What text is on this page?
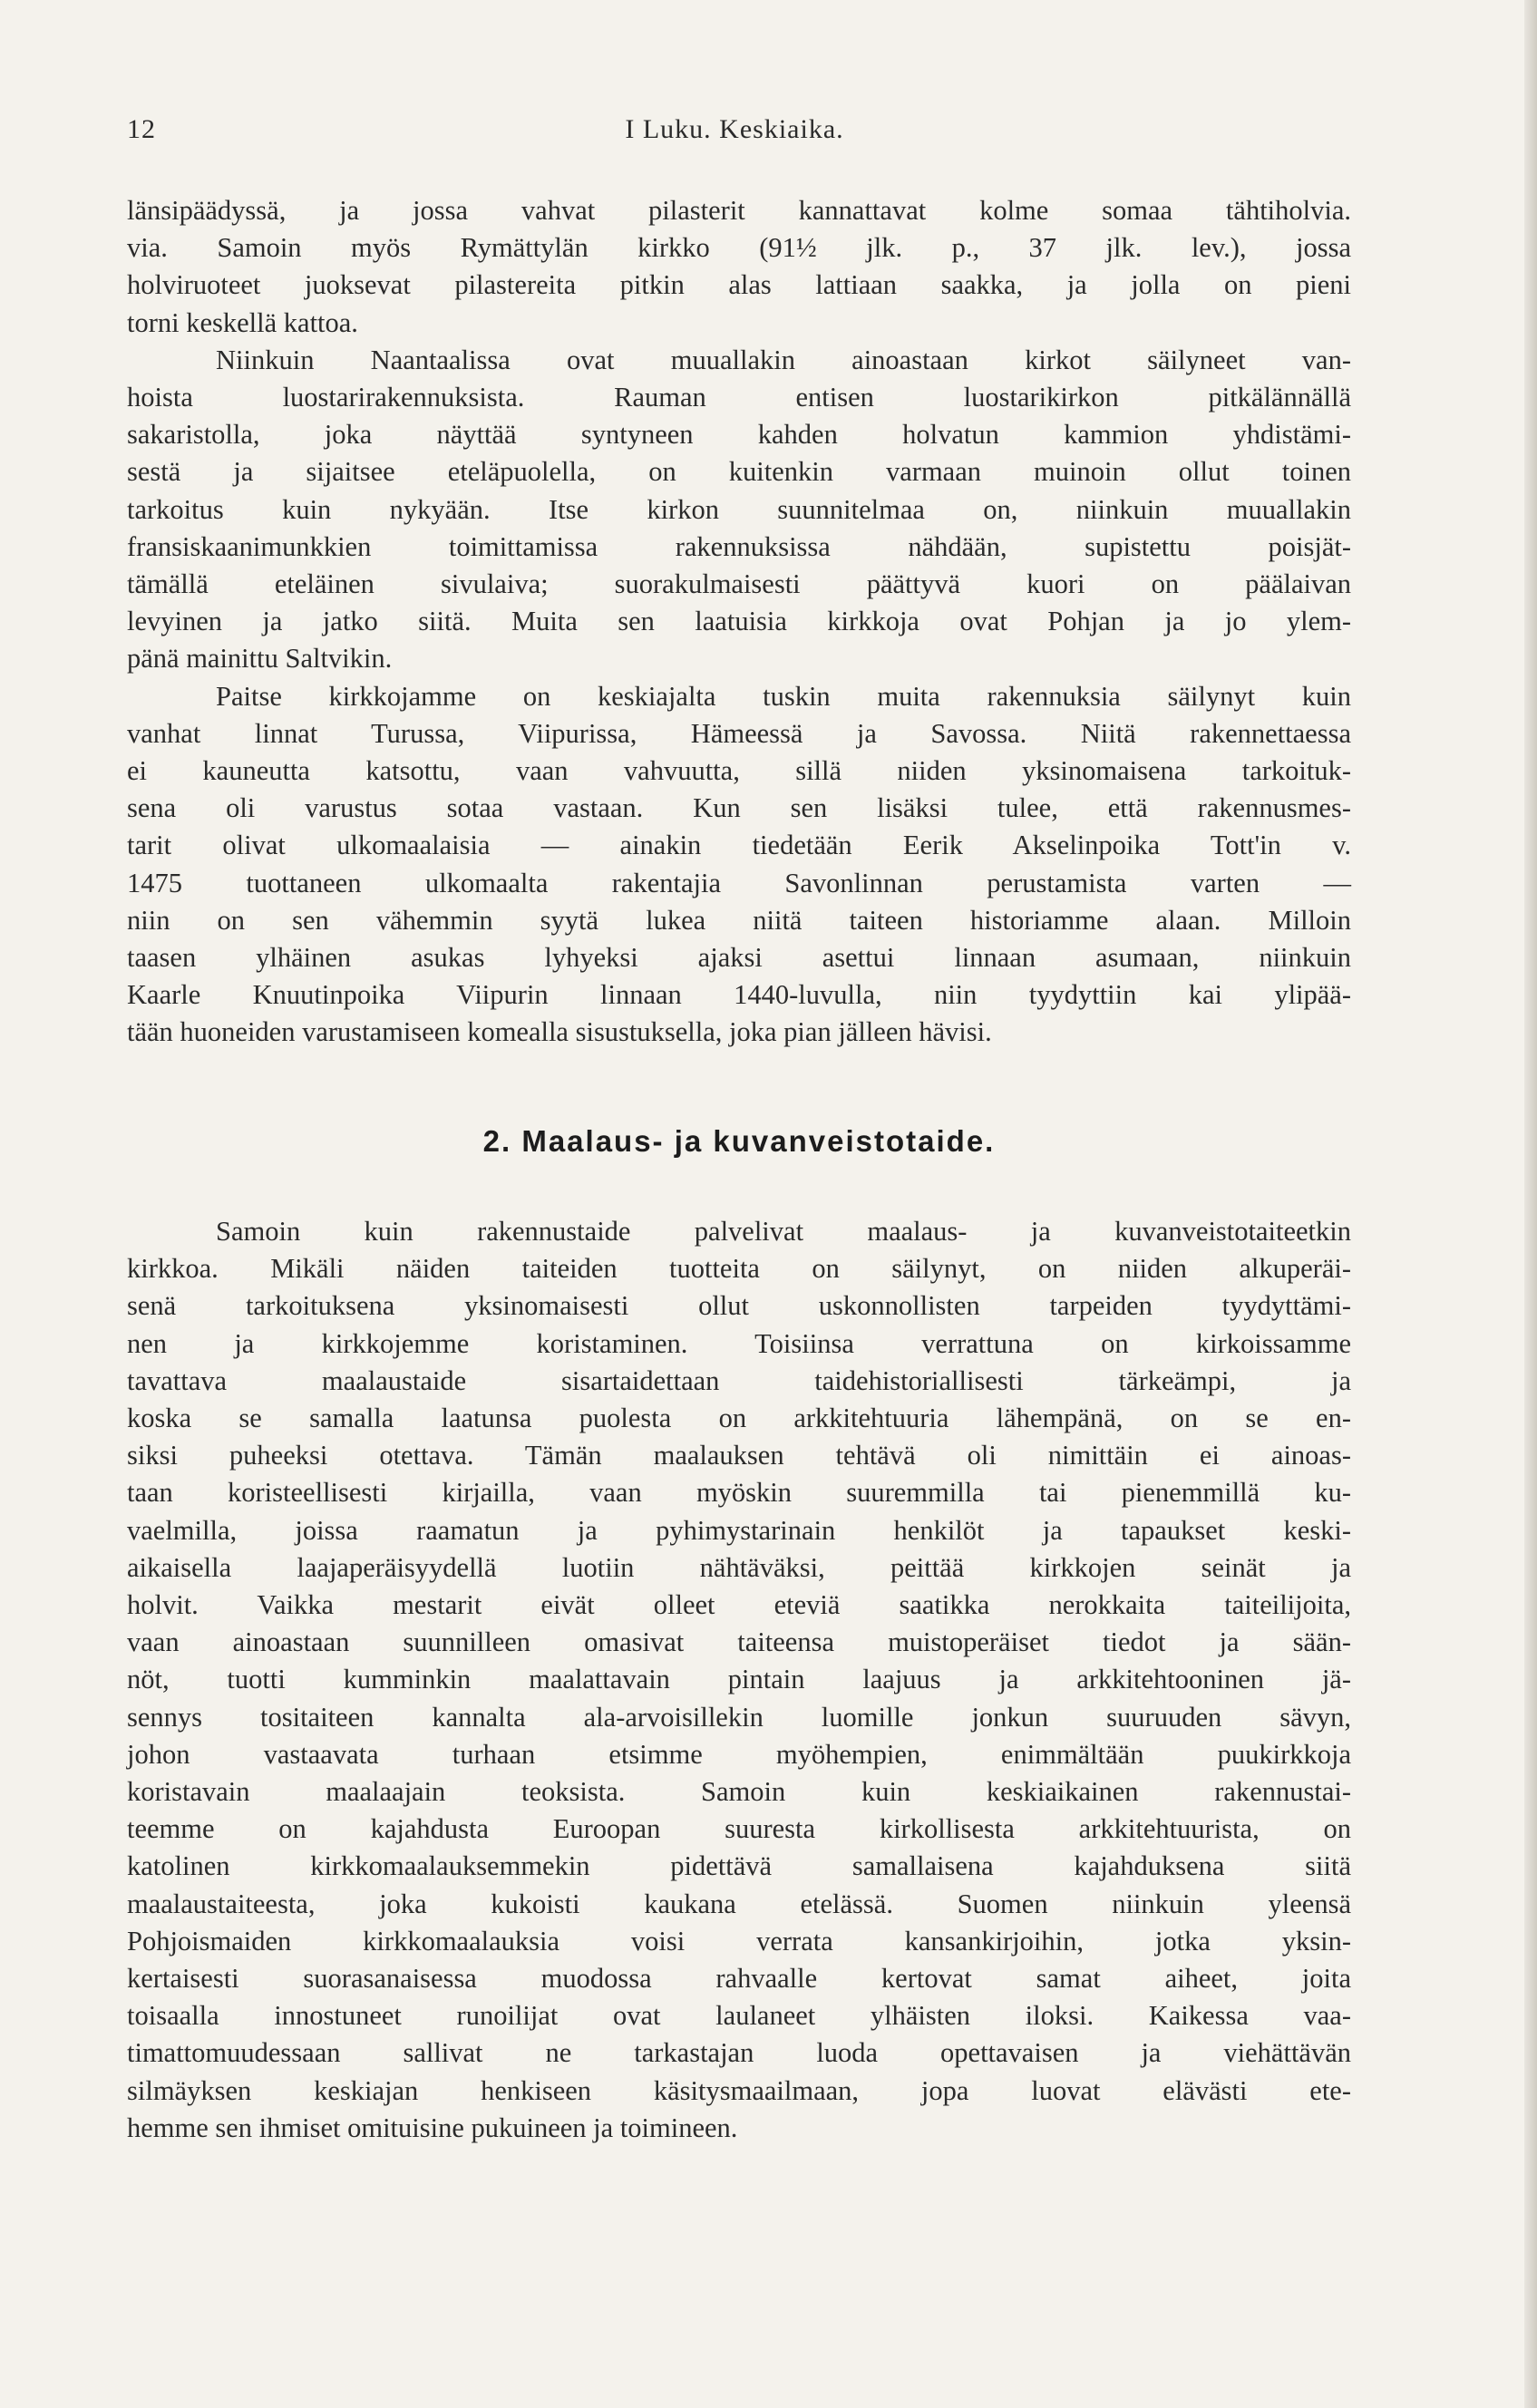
12	I Luku. Keskiaika.
länsipäädyssä, ja jossa vahvat pilasterit kannattavat kolme somaa tähtiholvia.
via. Samoin myös Rymättylän kirkko (91½ jlk. p., 37 jlk. lev.), jossa
holviruoteet juoksevat pilastereita pitkin alas lattiaan saakka, ja jolla on pieni
torni keskellä kattoa.
Niinkuin Naantaalissa ovat muuallakin ainoastaan kirkot säilyneet van-
hoista luostarirakennuksista. Rauman entisen luostarikirkon pitkälännällä
sakaristolla, joka näyttää syntyneen kahden holvatun kammion yhdistämi-
sestä ja sijaitsee eteläpuolella, on kuitenkin varmaan muinoin ollut toinen
tarkoitus kuin nykyään. Itse kirkon suunnitelmaa on, niinkuin muuallakin
fransiskaanimunkkien toimittamissa rakennuksissa nähdään, supistettu poisjät-
tämällä eteläinen sivulaiva; suorakulmaisesti päättyvä kuori on päälaivan
levyinen ja jatko siitä. Muita sen laatuisia kirkkoja ovat Pohjan ja jo ylem-
pänä mainittu Saltvikin.
Paitse kirkkojamme on keskiajalta tuskin muita rakennuksia säilynyt kuin
vanhat linnat Turussa, Viipurissa, Hämeessä ja Savossa. Niitä rakennettaessa
ei kauneutta katsottu, vaan vahvuutta, sillä niiden yksinomaisena tarkoituk-
sena oli varustus sotaa vastaan. Kun sen lisäksi tulee, että rakennusmes-
tarit olivat ulkomaalaisia — ainakin tiedetään Eerik Akselinpoika Tott'in v.
1475 tuottaneen ulkomaalta rakentajia Savonlinnan perustamista varten —
niin on sen vähemmin syytä lukea niitä taiteen historiamme alaan. Milloin
taasen ylhäinen asukas lyhyeksi ajaksi asettui linnaan asumaan, niinkuin
Kaarle Knuutinpoika Viipurin linnaan 1440-luvulla, niin tyydyttiin kai ylipää-
tään huoneiden varustamiseen komealla sisustuksella, joka pian jälleen hävisi.
2. Maalaus- ja kuvanveistotaide.
Samoin kuin rakennustaide palvelivat maalaus- ja kuvanveistotaiteetkin
kirkkoa. Mikäli näiden taiteiden tuotteita on säilynyt, on niiden alkuperäi-
senä tarkoituksena yksinomaisesti ollut uskonnollisten tarpeiden tyydyttämi-
nen ja kirkkojemme koristaminen. Toisiinsa verrattuna on kirkoissamme
tavattava maalaustaide sisartaidettaan taidehistoriallisesti tärkeämpi, ja
koska se samalla laatunsa puolesta on arkkitehtuuria lähempänä, on se en-
siksi puheeksi otettava. Tämän maalauksen tehtävä oli nimittäin ei ainoas-
taan koristeellisesti kirjailla, vaan myöskin suuremmilla tai pienemmillä ku-
vaelmilla, joissa raamatun ja pyhimystarinain henkilöt ja tapaukset keski-
aikaisella laajaperäisyydellä luotiin nähtäväksi, peittää kirkkojen seinät ja
holvit. Vaikka mestarit eivät olleet eteviä saatikka nerokkaita taiteilijoita,
vaan ainoastaan suunnilleen omasivat taiteensa muistoperäiset tiedot ja sään-
nöt, tuotti kumminkin maalattavain pintain laajuus ja arkkitehtooninen jä-
sennys tositaiteen kannalta ala-arvoisillekin luomille jonkun suuruuden sävyn,
johon vastaavata turhaan etsimme myöhempien, enimmältään puukirkkoja
koristavain maalaajain teoksista. Samoin kuin keskiaikainen rakennustai-
teemme on kajahdusta Euroopan suuresta kirkollisesta arkkitehtuurista, on
katolinen kirkkomaalauksemmekin pidettävä samallaisena kajahduksena siitä
maalaustaiteesta, joka kukoisti kaukana etelässä. Suomen niinkuin yleensä
Pohjoismaiden kirkkomaalauksia voisi verrata kansankirjoihin, jotka yksin-
kertaisesti suorasanaisessa muodossa rahvaalle kertovat samat aiheet, joita
toisaalla innostuneet runoilijat ovat laulaneet ylhäisten iloksi. Kaikessa vaa-
timattomuudessaan sallivat ne tarkastajan luoda opettavaisen ja viehättävän
silmäyksen keskiajan henkiseen käsitysmaailmaan, jopa luovat elävästi ete-
hemme sen ihmiset omituisine pukuineen ja toimineen.
